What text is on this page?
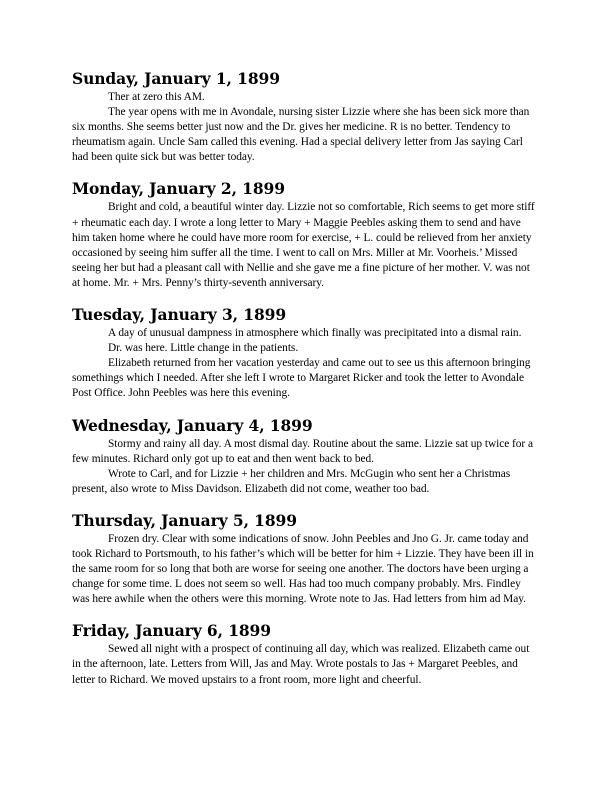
Sunday, January 1, 1899

Ther at zero this AM.

The year opens with me in Avondale, nursing sister Lizzie where she has been sick more than six months. She seems better just now and the Dr. gives her medicine. R is no better. Tendency to rheumatism again. Uncle Sam called this evening. Had a special delivery letter from Jas saying Carl had been quite sick but was better today.

Monday, January 2, 1899

Bright and cold, a beautiful winter day. Lizzie not so comfortable, Rich seems to get more stiff + rheumatic each day. I wrote a long letter to Mary + Maggie Peebles asking them to send and have him taken home where he could have more room for exercise, + L. could be relieved from her anxiety occasioned by seeing him suffer all the time. I went to call on Mrs. Miller at Mr. Voorheis.’ Missed seeing her but had a pleasant call with Nellie and she gave me a fine picture of her mother. V. was not at home. Mr. + Mrs. Penny’s thirty-seventh anniversary.

Tuesday, January 3, 1899

A day of unusual dampness in atmosphere which finally was precipitated into a dismal rain.

Dr. was here. Little change in the patients.

Elizabeth returned from her vacation yesterday and came out to see us this afternoon bringing somethings which I needed. After she left I wrote to Margaret Ricker and took the letter to Avondale Post Office. John Peebles was here this evening.

Wednesday, January 4, 1899

Stormy and rainy all day. A most dismal day. Routine about the same. Lizzie sat up twice for a few minutes. Richard only got up to eat and then went back to bed.

Wrote to Carl, and for Lizzie + her children and Mrs. McGugin who sent her a Christmas present, also wrote to Miss Davidson. Elizabeth did not come, weather too bad.

Thursday, January 5, 1899

Frozen dry. Clear with some indications of snow. John Peebles and Jno G. Jr. came today and took Richard to Portsmouth, to his father’s which will be better for him + Lizzie. They have been ill in the same room for so long that both are worse for seeing one another. The doctors have been urging a change for some time. L does not seem so well. Has had too much company probably. Mrs. Findley was here awhile when the others were this morning. Wrote note to Jas. Had letters from him ad May.

Friday, January 6, 1899

Sewed all night with a prospect of continuing all day, which was realized. Elizabeth came out in the afternoon, late. Letters from Will, Jas and May. Wrote postals to Jas + Margaret Peebles, and letter to Richard. We moved upstairs to a front room, more light and cheerful.
